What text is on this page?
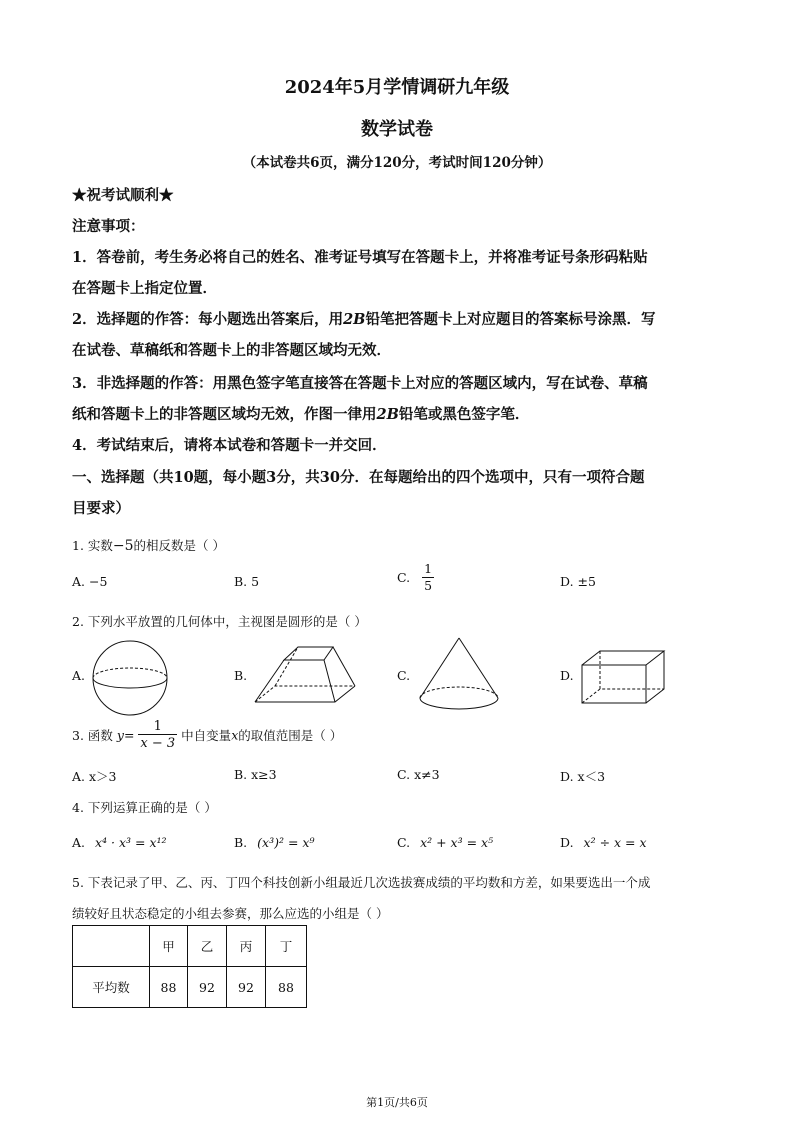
2024年5月学情调研九年级
数学试卷
（本试卷共6页，满分120分，考试时间120分钟）
★祝考试顺利★
注意事项：
1．答卷前，考生务必将自己的姓名、准考证号填写在答题卡上，并将准考证号条形码粘贴
在答题卡上指定位置．
2．选择题的作答：每小题选出答案后，用2B铅笔把答题卡上对应题目的答案标号涂黑．写
在试卷、草稿纸和答题卡上的非答题区域均无效．
3．非选择题的作答：用黑色签字笔直接答在答题卡上对应的答题区域内，写在试卷、草稿
纸和答题卡上的非答题区域均无效，作图一律用2B铅笔或黑色签字笔．
4．考试结束后，请将本试卷和答题卡一并交回．
一、选择题（共10题，每小题3分，共30分．在每题给出的四个选项中，只有一项符合题
目要求）
1. 实数−5的相反数是（ ）
A. −5	B. 5	C. $\frac{1}{5}$	D. ±5
2. 下列水平放置的几何体中，主视图是圆形的是（ ）
A.	B.	C.	D.
3. 函数 $y= \frac{1}{x - 3}$ 中自变量x的取值范围是（ ）
A. x＞3	B. x≥3	C. x≠3	D. x＜3
4. 下列运算正确的是（ ）
A. x⁴ · x³ = x¹²	B. (x³)² = x⁹	C. x² + x³ = x⁵	D. x² ÷ x = x
5. 下表记录了甲、乙、丙、丁四个科技创新小组最近几次选拔赛成绩的平均数和方差，如果要选出一个成
绩较好且状态稳定的小组去参赛，那么应选的小组是（ ）
	甲	乙	丙	丁
平均数	88	92	92	88
第1页/共6页
